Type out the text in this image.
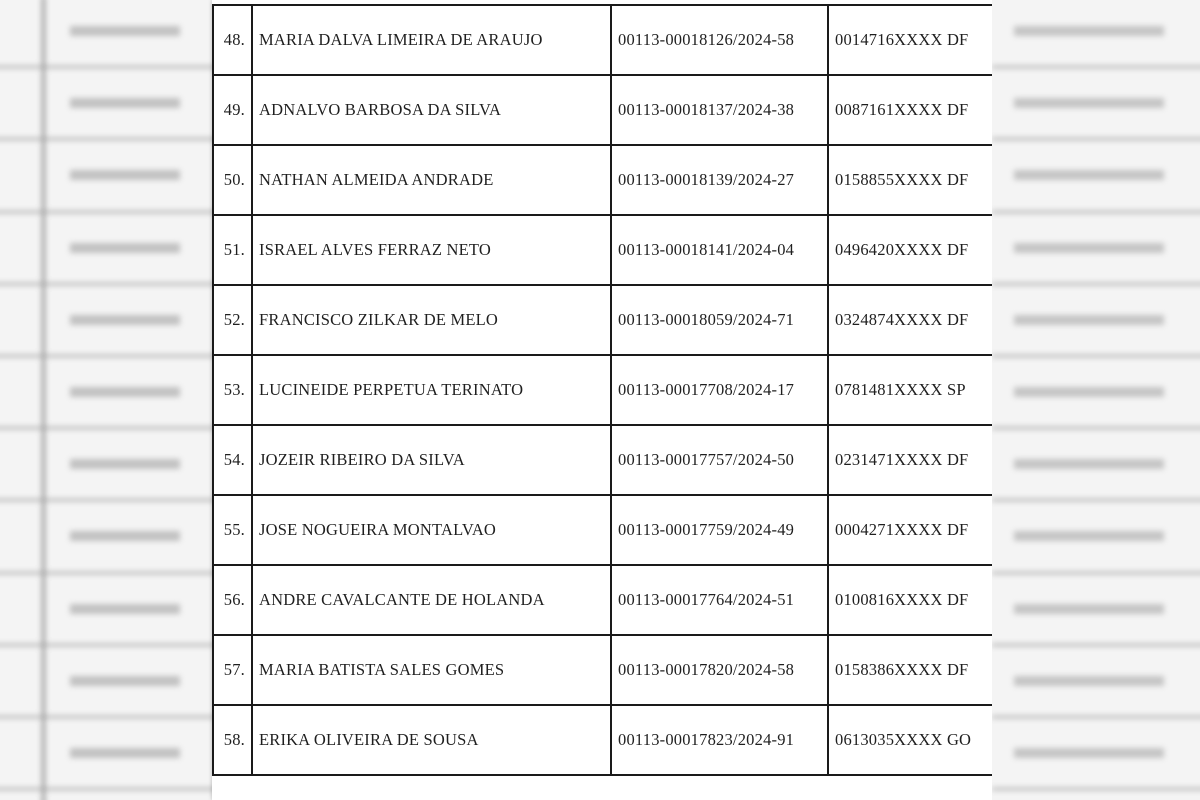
48.	MARIA DALVA LIMEIRA DE ARAUJO	00113-00018126/2024-58	0014716XXXX DF
49.	ADNALVO BARBOSA DA SILVA	00113-00018137/2024-38	0087161XXXX DF
50.	NATHAN ALMEIDA ANDRADE	00113-00018139/2024-27	0158855XXXX DF
51.	ISRAEL ALVES FERRAZ NETO	00113-00018141/2024-04	0496420XXXX DF
52.	FRANCISCO ZILKAR DE MELO	00113-00018059/2024-71	0324874XXXX DF
53.	LUCINEIDE PERPETUA TERINATO	00113-00017708/2024-17	0781481XXXX SP
54.	JOZEIR RIBEIRO DA SILVA	00113-00017757/2024-50	0231471XXXX DF
55.	JOSE NOGUEIRA MONTALVAO	00113-00017759/2024-49	0004271XXXX DF
56.	ANDRE CAVALCANTE DE HOLANDA	00113-00017764/2024-51	0100816XXXX DF
57.	MARIA BATISTA SALES GOMES	00113-00017820/2024-58	0158386XXXX DF
58.	ERIKA OLIVEIRA DE SOUSA	00113-00017823/2024-91	0613035XXXX GO
